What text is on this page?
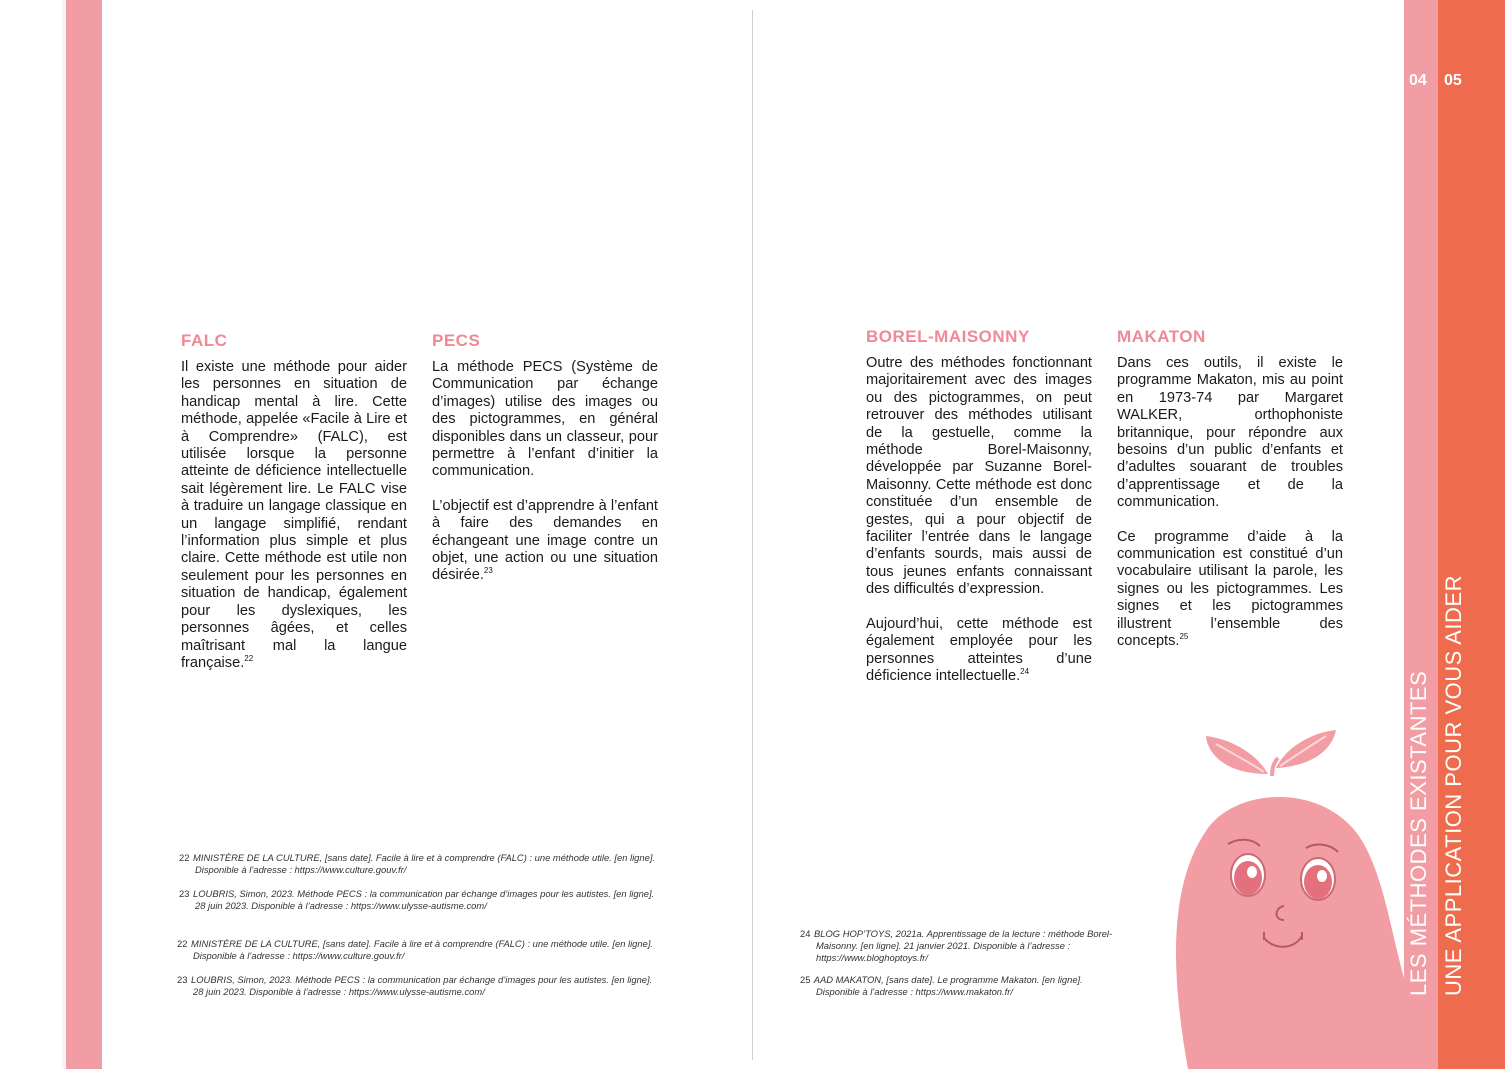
04 05
LES MÉTHODES EXISTANTES UNE APPLICATION POUR VOUS AIDER
FALC

Il existe une méthode pour aider les personnes en situation de handicap mental à lire. Cette méthode, appelée «Facile à Lire et à Comprendre» (FALC), est utilisée lorsque la personne atteinte de déficience intellectuelle sait légèrement lire. Le FALC vise à traduire un langage classique en un langage simplifié, rendant l’information plus simple et plus claire. Cette méthode est utile non seulement pour les personnes en situation de handicap, également pour les dyslexiques, les personnes âgées, et celles maîtrisant mal la langue française.$^{22}$

PECS

La méthode PECS (Système de Communication par échange d’images) utilise des images ou des pictogrammes, en général disponibles dans un classeur, pour permettre à l’enfant d’initier la communication.

L’objectif est d’apprendre à l’enfant à faire des demandes en échangeant une image contre un objet, une action ou une situation désirée.$^{23}$

BOREL-MAISONNY

Outre des méthodes fonctionnant majoritairement avec des images ou des pictogrammes, on peut retrouver des méthodes utilisant de la gestuelle, comme la méthode Borel-Maisonny, développée par Suzanne Borel-Maisonny. Cette méthode est donc constituée d’un ensemble de gestes, qui a pour objectif de faciliter l’entrée dans le langage d’enfants sourds, mais aussi de tous jeunes enfants connaissant des difficultés d’expression.

Aujourd’hui, cette méthode est également employée pour les personnes atteintes d’une déficience intellectuelle.$^{24}$

MAKATON

Dans ces outils, il existe le programme Makaton, mis au point en 1973-74 par Margaret WALKER, orthophoniste britannique, pour répondre aux besoins d’un public d’enfants et d’adultes souarant de troubles d’apprentissage et de la communication.

Ce programme d’aide à la communication est constitué d’un vocabulaire utilisant la parole, les signes ou les pictogrammes. Les signes et les pictogrammes illustrent l’ensemble des concepts.$^{25}$

22 MINISTÈRE DE LA CULTURE, [sans date]. Facile à lire et à comprendre (FALC) : une méthode utile. [en ligne]. Disponible à l’adresse : https://www.culture.gouv.fr/
23 LOUBRIS, Simon, 2023. Méthode PECS : la communication par échange d’images pour les autistes. [en ligne]. 28 juin 2023. Disponible à l’adresse : https://www.ulysse-autisme.com/
22 MINISTÈRE DE LA CULTURE, [sans date]. Facile à lire et à comprendre (FALC) : une méthode utile. [en ligne]. Disponible à l’adresse : https://www.culture.gouv.fr/
23 LOUBRIS, Simon, 2023. Méthode PECS : la communication par échange d’images pour les autistes. [en ligne]. 28 juin 2023. Disponible à l’adresse : https://www.ulysse-autisme.com/
24 BLOG HOP’TOYS, 2021a. Apprentissage de la lecture : méthode Borel-Maisonny. [en ligne]. 21 janvier 2021. Disponible à l’adresse : https://www.bloghoptoys.fr/
25 AAD MAKATON, [sans date]. Le programme Makaton. [en ligne]. Disponible à l’adresse : https://www.makaton.fr/
